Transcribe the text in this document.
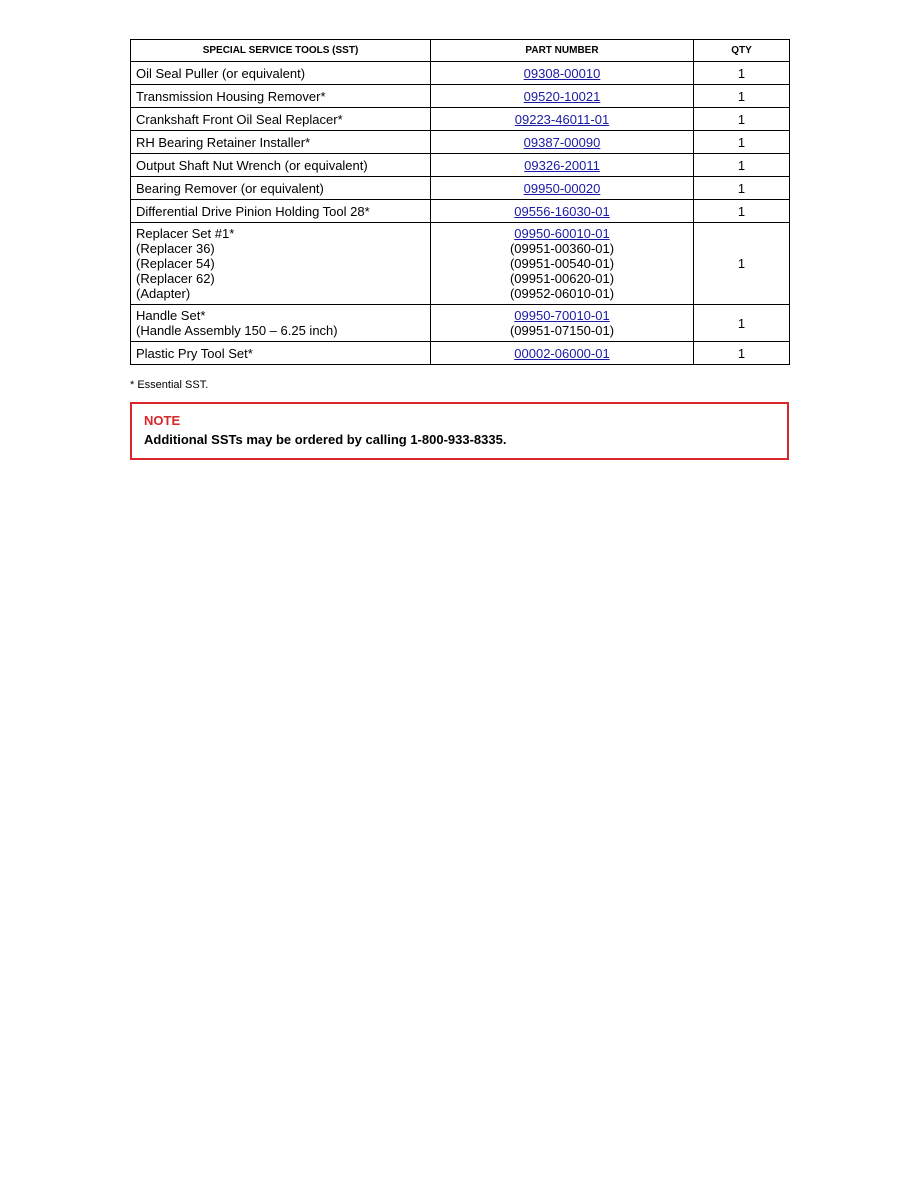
SPECIAL SERVICE TOOLS (SST)	PART NUMBER	QTY

Oil Seal Puller (or equivalent)	09308-00010	1

Transmission Housing Remover*	09520-10021	1

Crankshaft Front Oil Seal Replacer*	09223-46011-01	1

RH Bearing Retainer Installer*	09387-00090	1

Output Shaft Nut Wrench (or equivalent)	09326-20011	1

Bearing Remover (or equivalent)	09950-00020	1

Differential Drive Pinion Holding Tool 28*	09556-16030-01	1

Replacer Set #1*
(Replacer 36)
(Replacer 54)
(Replacer 62)
(Adapter)	09950-60010-01
(09951-00360-01)
(09951-00540-01)
(09951-00620-01)
(09952-06010-01)	1

Handle Set*
(Handle Assembly 150 – 6.25 inch)	09950-70010-01
(09951-07150-01)	1

Plastic Pry Tool Set*	00002-06000-01	1
* Essential SST.
NOTE
Additional SSTs may be ordered by calling 1-800-933-8335.
